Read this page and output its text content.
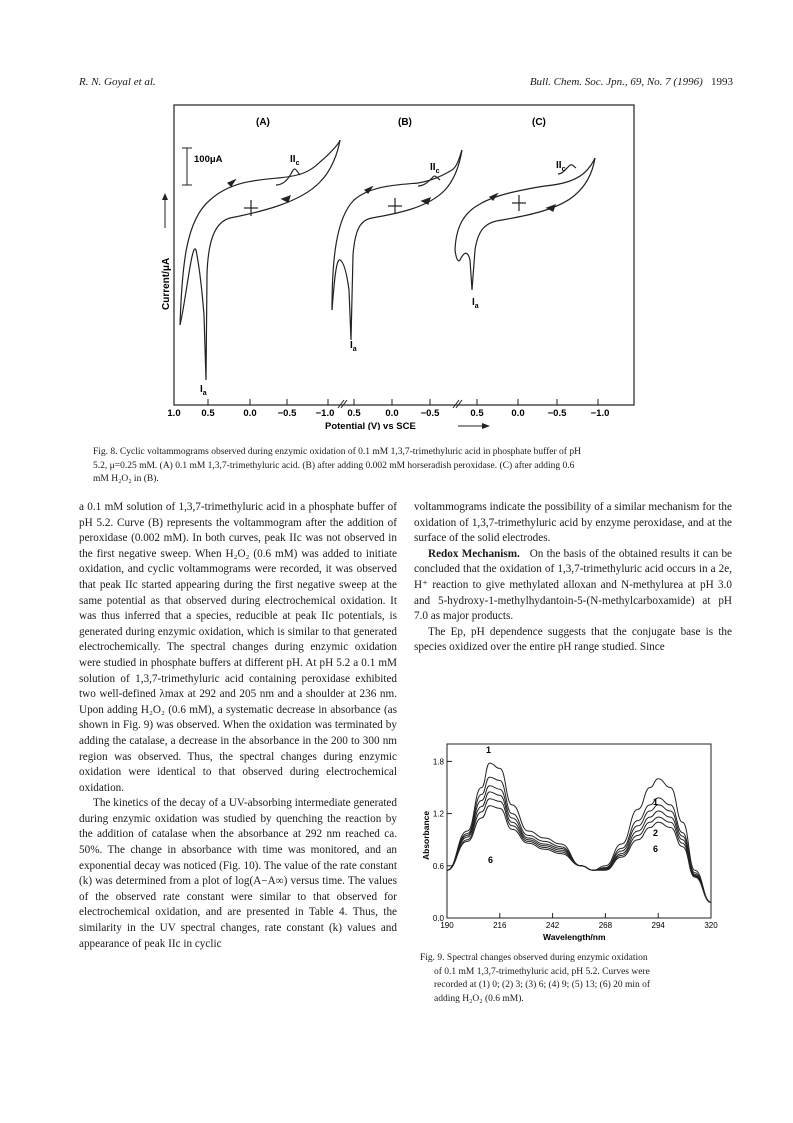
R. N. Goyal et al.	Bull. Chem. Soc. Jpn., 69, No. 7 (1996) 1993
(A)	(B)	(C)
100μA
Current/μA
$I_a$
$II_c$
$I_a$
$II_c$
$I_a$
$II_c$
1.0 0.5	0.0 −0.5 −1.0 0.5	0.0 −0.5	0.5	0.0 −0.5	−1.0
Potential (V) vs SCE
Fig. 8. Cyclic voltammograms observed during enzymic oxidation of 0.1 mM 1,3,7-trimethyluric acid in phosphate buffer of pH
5.2, μ=0.25 mM. (A) 0.1 mM 1,3,7-trimethyluric acid. (B) after adding 0.002 mM horseradish peroxidase. (C) after adding 0.6
mM H₂O₂ in (B).

a 0.1 mM solution of 1,3,7-trimethyluric acid in a phosphate buffer of pH 5.2. Curve (B) represents the voltammogram after the addition of peroxidase (0.002 mM). In both curves, peak IIc was not observed in the first negative sweep. When H₂O₂ (0.6 mM) was added to initiate oxidation, and cyclic voltammograms were recorded, it was observed that peak IIc started appearing during the first negative sweep at the same potential as that observed during electrochemical oxidation. It was thus inferred that a species, reducible at peak IIc potentials, is generated during enzymic oxidation, which is similar to that generated electrochemically. The spectral changes during enzymic oxidation were studied in phosphate buffers at different pH. At pH 5.2 a 0.1 mM solution of 1,3,7-trimethyluric acid containing peroxidase exhibited two well-defined λmax at 292 and 205 nm and a shoulder at 236 nm. Upon adding H₂O₂ (0.6 mM), a systematic decrease in absorbance (as shown in Fig. 9) was observed. When the oxidation was terminated by adding the catalase, a decrease in the absorbance in the 200 to 300 nm region was observed. Thus, the spectral changes during enzymic oxidation were identical to that observed during electrochemical oxidation.

The kinetics of the decay of a UV-absorbing intermediate generated during enzymic oxidation was studied by quenching the reaction by the addition of catalase when the absorbance at 292 nm reached ca. 50%. The change in absorbance with time was monitored, and an exponential decay was noticed (Fig. 10). The value of the rate constant (k) was determined from a plot of log(A−A∞) versus time. The values of the observed rate constant were similar to that observed for electrochemical oxidation, and are presented in Table 4. Thus, the similarity in the UV spectral changes, rate constant (k) values and appearance of peak IIc in cyclic

voltammograms indicate the possibility of a similar mechanism for the oxidation of 1,3,7-trimethyluric acid by enzyme peroxidase, and at the surface of the solid electrodes.

Redox Mechanism. On the basis of the obtained results it can be concluded that the oxidation of 1,3,7-trimethyluric acid occurs in a 2e, H⁺ reaction to give methylated alloxan and N-methylurea at pH 3.0 and 5-hydroxy-1-methylhydantoin-5-(N-methylcarboxamide) at pH 7.0 as major products.

The Ep, pH dependence suggests that the conjugate base is the species oxidized over the entire pH range studied. Since

0.0
0.6
1.2
1.8
190	216	242	268	294	320
Absorbance
Wavelength/nm
1
6
1
2
6
Fig. 9. Spectral changes observed during enzymic oxidation
of 0.1 mM 1,3,7-trimethyluric acid, pH 5.2. Curves were
recorded at (1) 0; (2) 3; (3) 6; (4) 9; (5) 13; (6) 20 min of
adding H₂O₂ (0.6 mM).
